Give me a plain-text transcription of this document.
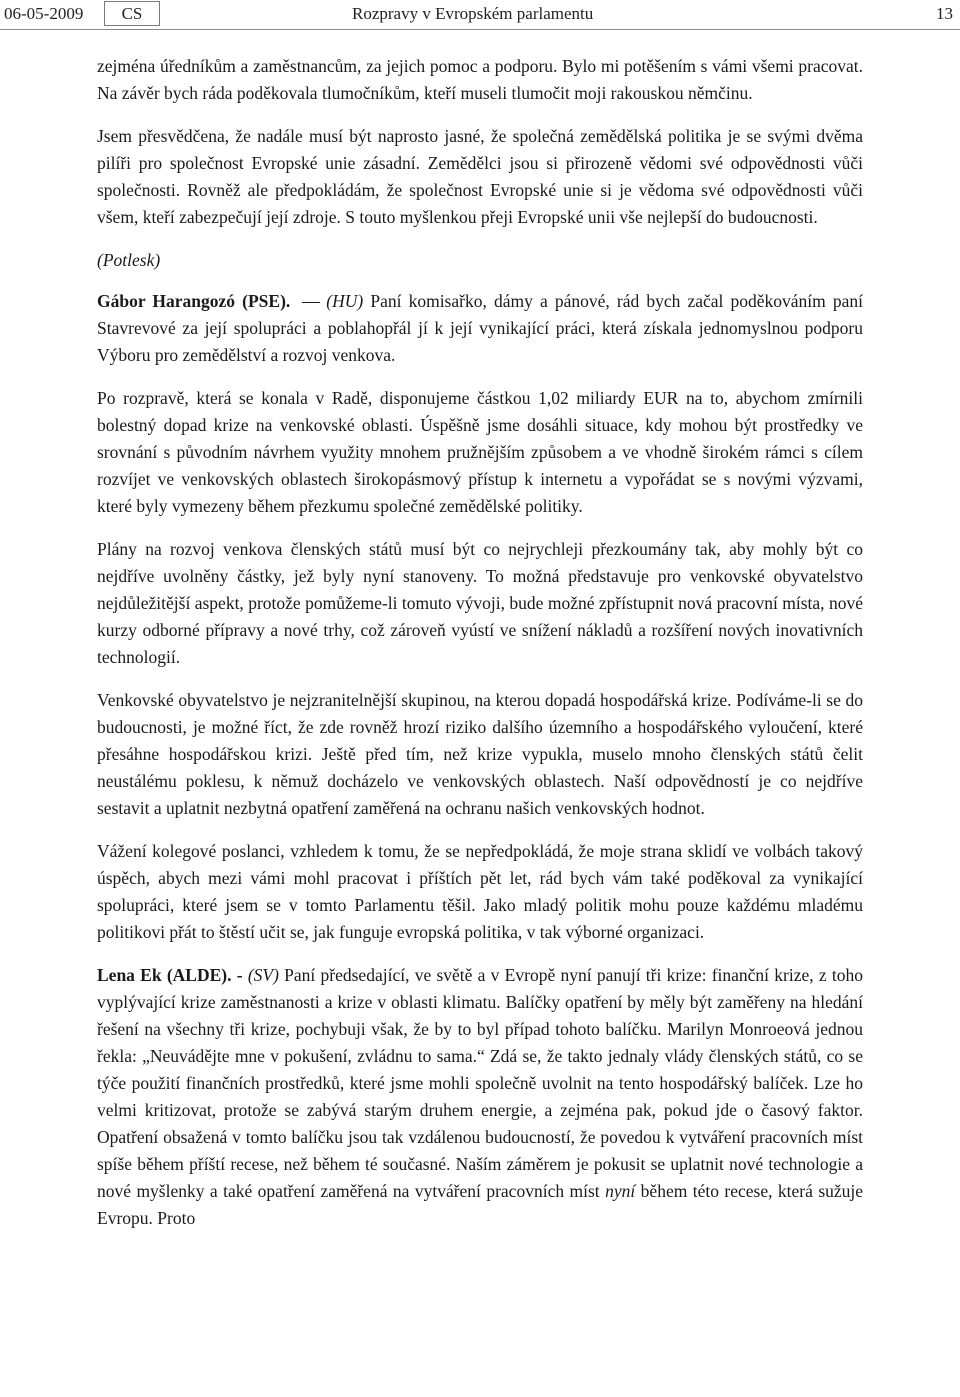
06-05-2009	CS	Rozpravy v Evropském parlamentu	13

zejména úředníkům a zaměstnancům, za jejich pomoc a podporu. Bylo mi potěšením s vámi všemi pracovat. Na závěr bych ráda poděkovala tlumočníkům, kteří museli tlumočit moji rakouskou němčinu.

Jsem přesvědčena, že nadále musí být naprosto jasné, že společná zemědělská politika je se svými dvěma pilíři pro společnost Evropské unie zásadní. Zemědělci jsou si přirozeně vědomi své odpovědnosti vůči společnosti. Rovněž ale předpokládám, že společnost Evropské unie si je vědoma své odpovědnosti vůči všem, kteří zabezpečují její zdroje. S touto myšlenkou přeji Evropské unii vše nejlepší do budoucnosti.

(Potlesk)

Gábor Harangozó (PSE). (HU) Paní komisařko, dámy a pánové, rád bych začal poděkováním paní Stavrevové za její spolupráci a poblahopřál jí k její vynikající práci, která získala jednomyslnou podporu Výboru pro zemědělství a rozvoj venkova.

Po rozpravě, která se konala v Radě, disponujeme částkou 1,02 miliardy EUR na to, abychom zmírnili bolestný dopad krize na venkovské oblasti. Úspěšně jsme dosáhli situace, kdy mohou být prostředky ve srovnání s původním návrhem využity mnohem pružnějším způsobem a ve vhodně širokém rámci s cílem rozvíjet ve venkovských oblastech širokopásmový přístup k internetu a vypořádat se s novými výzvami, které byly vymezeny během přezkumu společné zemědělské politiky.

Plány na rozvoj venkova členských států musí být co nejrychleji přezkoumány tak, aby mohly být co nejdříve uvolněny částky, jež byly nyní stanoveny. To možná představuje pro venkovské obyvatelstvo nejdůležitější aspekt, protože pomůžeme-li tomuto vývoji, bude možné zpřístupnit nová pracovní místa, nové kurzy odborné přípravy a nové trhy, což zároveň vyústí ve snížení nákladů a rozšíření nových inovativních technologií.

Venkovské obyvatelstvo je nejzranitelnější skupinou, na kterou dopadá hospodářská krize. Podíváme-li se do budoucnosti, je možné říct, že zde rovněž hrozí riziko dalšího územního a hospodářského vyloučení, které přesáhne hospodářskou krizi. Ještě před tím, než krize vypukla, muselo mnoho členských států čelit neustálému poklesu, k němuž docházelo ve venkovských oblastech. Naší odpovědností je co nejdříve sestavit a uplatnit nezbytná opatření zaměřená na ochranu našich venkovských hodnot.

Vážení kolegové poslanci, vzhledem k tomu, že se nepředpokládá, že moje strana sklidí ve volbách takový úspěch, abych mezi vámi mohl pracovat i příštích pět let, rád bych vám také poděkoval za vynikající spolupráci, které jsem se v tomto Parlamentu těšil. Jako mladý politik mohu pouze každému mladému politikovi přát to štěstí učit se, jak funguje evropská politika, v tak výborné organizaci.

Lena Ek (ALDE). - (SV) Paní předsedající, ve světě a v Evropě nyní panují tři krize: finanční krize, z toho vyplývající krize zaměstnanosti a krize v oblasti klimatu. Balíčky opatření by měly být zaměřeny na hledání řešení na všechny tři krize, pochybuji však, že by to byl případ tohoto balíčku. Marilyn Monroeová jednou řekla: „Neuvádějte mne v pokušení, zvládnu to sama.“ Zdá se, že takto jednaly vlády členských států, co se týče použití finančních prostředků, které jsme mohli společně uvolnit na tento hospodářský balíček. Lze ho velmi kritizovat, protože se zabývá starým druhem energie, a zejména pak, pokud jde o časový faktor. Opatření obsažená v tomto balíčku jsou tak vzdálenou budoucností, že povedou k vytváření pracovních míst spíše během příští recese, než během té současné. Naším záměrem je pokusit se uplatnit nové technologie a nové myšlenky a také opatření zaměřená na vytváření pracovních míst nyní během této recese, která sužuje Evropu. Proto
